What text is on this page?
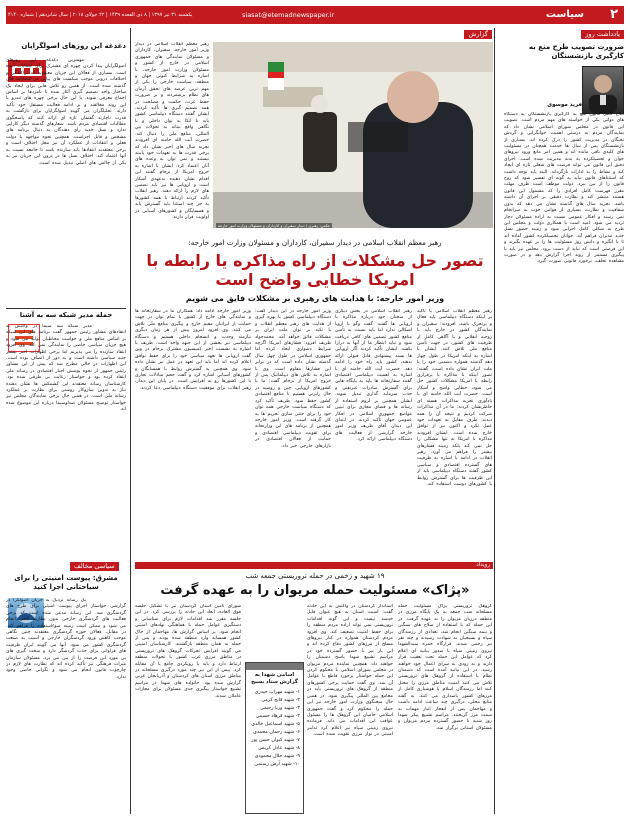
۲
سیاست
siasat@etemadnewspaper.ir
یکشنبه ۳۱ تیر ۱۳۹۷ | ۸ ذی القعده ۱۴۳۹ | ۲۲ جولای ۲۰۱۸ | سال شانزدهم | شماره ۴۱۴۰
یادداشت روز
ضرورت تصویب طرح منع به کارگیری بازنشستگان
فرید موسوی
ابلاغ کامل قانون منع به کارگیری بازنشستگان به دستگاه های دولتی یکی از خواسته های مهم مردم است. تصویب این قانون در مجلس شورای اسلامی نشان داد که نمایندگان مردم به درستی اهمیت جوانگرایی و گردش نخبگان در مدیریت کشور را درک کرده اند. بسیاری از بازنشستگان پس از سال ها خدمت همچنان در مسئولیت های کلیدی باقی مانده اند و همین امر مانع ورود نیروهای جوان و تحصیلکرده به بدنه مدیریت شده است. اجرای دقیق این قانون می تواند فرصت های شغلی تازه ای ایجاد کند و نشاط را به ادارات بازگرداند. البته باید توجه داشت که استثناهای قانون نباید به گونه ای تفسیر شود که روح قانون را از بین ببرد. دولت موظف است ظرف مهلت مقرر فهرست کامل افرادی را که مشمول این قانون هستند منتشر کند و نظارت دقیقی بر اجرای آن داشته باشد. تجربه سال های گذشته نشان می دهد که بدون شفافیت و نظارت، بسیاری از قوانین خوب به سرانجام نمی رسند و افکار عمومی نسبت به اراده مسئولان دچار تردید می شود. امید است با همکاری دولت و مجلس این طرح به شکلی کامل اجرایی شود و زمینه حضور نسل جدید مدیران فراهم آید. جوانان تحصیلکرده کشور آماده اند تا با انگیزه و دانش روز مسئولیت ها را بر عهده بگیرند و این فرصتی است که نباید از دست برود. مجلس نیز باید با پیگیری مستمر از روند اجرا گزارش دهد و در صورت مشاهده تخلف، برخورد قانونی صورت گیرد.
گزارش
عکس: رهبری | دیدار سفیران و کارداران و مسئولان وزارت امور خارجه
رهبر معظم انقلاب اسلامی در دیدار وزیر امور خارجه، سفیران، کارداران و مسئولان نمایندگی های جمهوری اسلامی در خارج از کشور و مسئولان وزارت امور خارجه، با اشاره به شرایط کنونی جهان و منطقه، سیاست خارجی را یکی از مهم ترین عرصه های تحقق آرمان های نظام برشمردند و بر ضرورت حفظ عزت، حکمت و مصلحت در همه تصمیم گیری ها تأکید کردند. ایشان گفتند دستگاه دیپلماسی کشور باید با اتکا به توان داخلی و با نگاهی واقع بینانه به تحولات بین المللی، منافع ملی را دنبال کند. حضرت آیت الله خامنه ای افزودند تجربه سال های اخیر نشان داد که برخی قدرت ها به تعهدات خود پایبند نیستند و نمی توان به وعده های آنان اعتماد کرد. ایشان با اشاره به خروج امریکا از برجام گفتند این اقدام نشان دهنده بدعهدی آشکار است و اروپایی ها نیز باید تضمین های لازم را ارائه دهند. رهبر انقلاب تأکید کردند ارتباط با همه کشورها به جز چند استثنا باید گسترش یابد و همسایگان و کشورهای آسیایی در اولویت قرار دارند.
رهبر معظم انقلاب اسلامی در دیدار سفیران، کارداران و مسئولان وزارت امور خارجه:
تصور حل مشکلات از راه مذاکره یا رابطه با
امریکا خطایی واضح است
وزیر امور خارجه: با هدایت های رهبری بر مشکلات فایق می شویم
رهبر معظم انقلاب اسلامی با تأکید بر اینکه دستگاه دیپلماسی باید فعال و پرتحرک باشد، افزودند: سفیران و نمایندگان کشور در خارج باید با روحیه انقلابی و با آگاهی کامل از ظرفیت های کشور، در جهت تأمین منافع ملی تلاش کنند. ایشان با اشاره به اینکه امریکا در طول چهار دهه گذشته همواره دشمنی خود را با ملت ایران نشان داده است، گفتند: تصور اینکه با مذاکره یا برقراری رابطه با امریکا مشکلات کشور حل می شود، خطایی واضح و آشکار است. حضرت آیت الله خامنه ای با یادآوری تجربه مذاکرات هسته ای خاطرنشان کردند: ما در آن مذاکرات شرکت کردیم و نتیجه آن را همه دیدند. طرف مقابل به تعهدات خود عمل نکرد و اکنون نیز از توافق خارج شده است. ایشان افزودند مذاکره با امریکا نه تنها مشکلی را حل نمی کند بلکه زمینه فشارهای بیشتر را فراهم می آورد. رهبر انقلاب در ادامه با اشاره به ظرفیت های گسترده اقتصادی و سیاسی کشور گفتند دستگاه دیپلماسی باید از این ظرفیت ها برای گسترش روابط با کشورهای دوست استفاده کند.
رهبر انقلاب اسلامی در بخش دیگری از سخنان خود درباره مذاکره با اروپایی ها گفتند: گفت وگو با اروپا اشکالی ندارد اما باید نسبت به تأمین منافع کشور تضمین های کافی دریافت شود و نباید انتظار ما از آنها به درازا بکشد. ایشان تأکید کردند اگر اروپایی ها بسته پیشنهادی قابل قبولی ارائه ندهند، کشور باید راه خود را ادامه دهد. حضرت آیت الله خامنه ای با اشاره به اهمیت دیپلماسی اقتصادی گفتند سفارتخانه ها باید به پایگاه هایی برای گسترش صادرات غیرنفتی و جذب سرمایه گذاری تبدیل شوند. ایشان همچنین بر لزوم استفاده از رسانه ها و فضای مجازی برای تبیین مواضع جمهوری اسلامی در افکار عمومی جهان تأکید کردند. در ابتدای این دیدار، آقای ظریف وزیر امور خارجه گزارشی از فعالیت های دستگاه دیپلماسی ارائه کرد.
وزیر امور خارجه در این دیدار گفت: دستگاه دیپلماسی کشور با بهره گیری از هدایت های رهبر معظم انقلاب و با تکیه بر توان ملت ایران بر مشکلات فائق خواهد آمد. محمدجواد ظریف افزود: فشارهای امریکا اگرچه شرایط دشواری ایجاد کرده اما جمهوری اسلامی در طول چهل سال گذشته نشان داده است که در برابر این فشارها مقاوم است. وی با اشاره به تلاش های دیپلماتیک پس از خروج امریکا از برجام گفت: ما با کشورهای اروپایی، چین و روسیه در حال رایزنی هستیم تا منافع اقتصادی کشور حفظ شود. ظریف تأکید کرد که دستگاه سیاست خارجی همه توان خود را برای خنثی سازی تحریم ها به کار گرفته است. وزیر امور خارجه همچنین از برنامه های این وزارتخانه برای تقویت دیپلماسی اقتصادی و حمایت از فعالان اقتصادی در بازارهای خارجی خبر داد.
وزیر امور خارجه ادامه داد: همکاران ما در سفارتخانه ها و نمایندگی های خارج از کشور با تمام توان در جهت حمایت از ایرانیان مقیم خارج و پیگیری منافع ملی تلاش می کنند. وی افزود امروز بیش از هر زمان دیگری نیازمند وحدت و انسجام داخلی هستیم و دستگاه دیپلماسی نیز بخشی از این جبهه واحد است. ظریف با اشاره به نشست اخیر کمیسیون مشترک برجام در وین گفت اروپایی ها تعهد سیاسی خود را برای حفظ توافق اعلام کرده اند اما باید این تعهد در عمل نیز نشان داده شود. وی همچنین به گسترش روابط با همسایگان و کشورهای آسیایی اشاره کرد و گفت حجم مبادلات تجاری با این کشورها رو به افزایش است. در پایان این دیدار، رهبر انقلاب برای موفقیت دستگاه دیپلماسی دعا کردند.
رویداد
۱۹ شهید و زخمی در حمله تروریستی جمعه شب
«پژاک» مسئولیت حمله مریوان را به عهده گرفت
گروهک تروریستی پژاک مسئولیت حمله مسلحانه شب جمعه به یک پایگاه مرزی در منطقه درزیان مریوان را به عهده گرفت. در این حمله که با استفاده از سلاح های سنگین و نیمه سنگین انجام شد، تعدادی از رزمندگان سپاه و بسیجیان به شهادت رسیدند و چند نفر نیز زخمی شدند. قرارگاه حمزه سیدالشهدا نیروی زمینی سپاه با صدور بیانیه ای اعلام کرد که عوامل این حمله تحت تعقیب قرار دارند و به زودی به سزای اعمال خود خواهند رسید. در این بیانیه آمده است که دشمنان نظام با استفاده از گروهک های تروریستی تلاش می کنند امنیت مناطق مرزی را مختل کنند اما رزمندگان اسلام با هوشیاری کامل از مرزهای کشور پاسداری می کنند. به گفته منابع محلی، درگیری چند ساعت ادامه داشت و مهاجمان پس از انفجار انبار مهمات به سمت مرز گریختند. مراسم تشییع پیکر شهدا روز شنبه با حضور گسترده مردم مریوان و مسئولان استانی برگزار شد.
استاندار کردستان در واکنش به این حادثه گفت: امنیت استان به هیچ عنوان قابل خدشه نیست و این گونه اقدامات تروریستی نمی تواند اراده مردم منطقه را برای حفظ امنیت تضعیف کند. وی افزود مردم کردستان همواره در کنار نیروهای مسلح از مرزهای کشور دفاع کرده اند و این بار نیز با حضور گسترده خود در مراسم تشییع شهدا پاسخ دشمنان را خواهند داد. همچنین نماینده مردم مریوان در مجلس شورای اسلامی با محکوم کردن این حمله خواستار برخورد قاطع با عوامل آن شد. وی گفت حمایت برخی کشورهای منطقه از گروهک های تروریستی باید در مجامع بین المللی پیگیری شود. در همین حال سخنگوی وزارت امور خارجه نیز این حمله را محکوم کرد و گفت جمهوری اسلامی حامیان این گروهک ها را مسئول عواقب این اقدامات می داند. فرمانده نیروی زمینی سپاه نیز اعلام کرد تدابیر امنیتی در نوار مرزی تقویت شده است.
اسامی شهدا به گزارش ستاد بسیج
۱- شهید مهراب حیدری
۲- شهید فاتح کرمی
۳- شهید وریا رحیمی
۴- شهید فرهاد حسینی
۵- شهید اسماعیل خالدی
۶- شهید رحمان محمدی
۷- شهید کیوان حسن پور
۸- شهید عادل کریمی
۹- شهید جلال محمودی
۱۰- شهید آرش رستمی
شورای تأمین استان کردستان نیز با تشکیل جلسه فوق العاده، ابعاد این حادثه را بررسی کرد. در این جلسه مقرر شد اقدامات لازم برای شناسایی و دستگیری عوامل حمله با هماهنگی نهادهای امنیتی انجام شود. بر اساس گزارش ها، مهاجمان از خاک کشور همسایه وارد منطقه شده بودند و پس از حمله به همان منطقه بازگشتند. کارشناسان امنیتی می گویند افزایش تحرکات گروهک های تروریستی در مناطق مرزی غرب کشور با تحولات منطقه ارتباط دارد و باید با رویکردی جامع با آن مقابله کرد. پیش از این نیز چند مورد درگیری مسلحانه در مناطق مرزی استان های کردستان و آذربایجان غربی گزارش شده بود. خانواده های شهدا در مراسم تشییع خواستار پیگیری جدی مسئولان برای مجازات عاملان شدند.
دغدغه این روزهای اصولگرایان
مهمترین دغدغه این روزهای اصولگرایان پیدا کردن چهره ای مشترک برای انتخابات آینده است. بسیاری از فعالان این جریان معتقدند که پراکندگی و اختلافات درونی موجب شکست های پیاپی در انتخابات های گذشته شده است. از همین رو تلاش هایی برای ایجاد یک ساختار واحد تصمیم گیری آغاز شده تا نامزدها بر اساس اجماع معرفی شوند. با این حال برخی چهره های تندرو با این روند مخالفند و بر ادامه فعالیت مستقل خود تأکید دارند. تحلیلگران می گویند اصولگرایان برای بازگشت به قدرت ناچارند گفتمان تازه ای ارائه کنند که پاسخگوی مطالبات اقتصادی مردم باشد. شعارهای گذشته دیگر کارایی ندارد و نسل جدید رأی دهندگان به دنبال برنامه های مشخص و قابل اجراست. همچنین نحوه مواجهه با دولت فعلی و انتقادات از عملکرد آن نیز محل اختلاف است و برخی معتقدند انتقادها باید سازنده باشد تا جامعه نسبت به آنها اعتماد کند. اختلاف نسل ها در درون این جریان نیز به یکی از چالش های اصلی تبدیل شده است.
حمله مدیر شبکه سه به آشنا
مدیر شبکه سه سیما در واکنش به انتقادهای مشاور رئیس جمهور گفت برنامه های این شبکه بر اساس منافع ملی و خواست مخاطبان تولید می شود و هیچ جریان سیاسی خاصی را نمایندگی نمی کند. وی افزود انتقاد سازنده را می پذیریم اما برخی اظهارات اخیر بیشتر جنبه سیاسی داشته است و به دور از انصاف بوده است. این اظهارات در حالی مطرح شد که پیش از این مشاور رئیس جمهور از نحوه پوشش اخبار اقتصادی در رسانه ملی انتقاد کرده بود و خواستار رعایت بی طرفی شده بود. کارشناسان رسانه معتقدند این کشمکش ها نشان دهنده نیاز به تدوین سازوکار روشنی برای نظارت بر عملکرد رسانه ملی است. در همین حال برخی نمایندگان مجلس نیز خواستار توضیح مسئولان صداوسیما درباره این موضوع شده اند.
سیاسی مخالف
مشرق: پیوست امنیتی را برای سیاحتانی اجرا کنید
یک رسانه نزدیک به جریان اصولگرا در گزارشی خواستار اجرای پیوست امنیتی برای طرح های گردشگری شد. این رسانه مدعی شده است که برخی فعالیت های گردشگری خارجی بدون نظارت کافی انجام می شود و ممکن است زمینه سوءاستفاده را فراهم کند. در مقابل، فعالان حوزه گردشگری معتقدند چنین نگاهی موجب کاهش ورود گردشگران خارجی و آسیب به صنعت گردشگری کشور می شود. آنها می گویند ایران ظرفیت های فراوانی برای جذب گردشگر دارد و سخت گیری های بی مورد این فرصت را از بین می برد. مسئولان سازمان میراث فرهنگی نیز تأکید کرده اند که نظارت های لازم در چارچوب قانون انجام می شود و نگرانی خاصی وجود ندارد.
